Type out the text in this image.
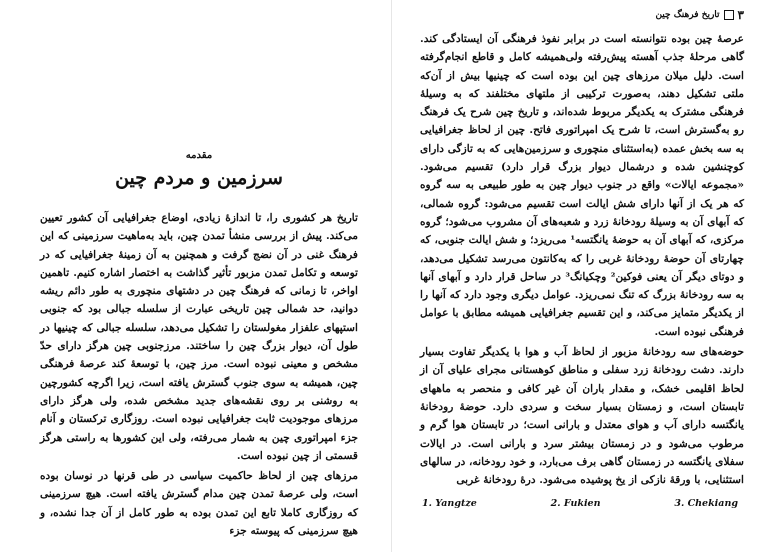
مقدمه
سرزمین و مردم چین

تاریخ هر کشوری را، تا اندازۀ زیادی، اوضاع جغرافیایی آن کشور تعیین می‌کند. پیش از بررسی منشأ تمدن چین، باید به‌ماهیت سرزمینی که این فرهنگ غنی در آن نضج گرفت و همچنین به آن زمینۀ جغرافیایی که در توسعه و تکامل تمدن مزبور تأثیر گذاشت به اختصار اشاره کنیم. تاهمین اواخر، تا زمانی که فرهنگ چین در دشتهای منچوری به طور دائم ریشه دوانید، حد شمالی چین تاریخی عبارت از سلسله جبالی بود که جنوبی استپهای علفزار مغولستان را تشکیل می‌دهد، سلسله جبالی که چینیها در طول آن، دیوار بزرگ چین را ساختند. مرزجنوبی چین هرگز دارای حدّ مشخص و معینی نبوده است. مرز چین، با توسعۀ کند عرصۀ فرهنگی چین، همیشه به سوی جنوب گسترش یافته است، زیرا اگرچه کشورچین به روشنی بر روی نقشه‌های جدید مشخص شده، ولی هرگز دارای مرزهای موجودیت ثابت جغرافیایی نبوده است. روزگاری ترکستان و آنام جزء امپراتوری چین به شمار می‌رفته، ولی این کشورها به راستی هرگز قسمتی از چین نبوده است.

مرزهای چین از لحاظ حاکمیت سیاسی در طی قرنها در نوسان بوده است، ولی عرصۀ تمدن چین مدام گسترش یافته است. هیچ سرزمینی که روزگاری کاملا تابع این تمدن بوده به طور کامل از آن جدا نشده، و هیچ سرزمینی که پیوسته جزء

۳
تاریخ فرهنگ چین

عرصۀ چین بوده نتوانسته است در برابر نفوذ فرهنگی آن ایستادگی کند. گاهی مرحلۀ جذب آهسته پیش‌رفته ولی‌همیشه کامل و قاطع انجام‌گرفته است. دلیل میلان مرزهای چین این بوده است که چینیها بیش از آن‌که ملتی تشکیل دهند، به‌صورت ترکیبی از ملتهای مختلفند که به وسیلۀ فرهنگی مشترک به یکدیگر مربوط شده‌اند، و تاریخ چین شرح یک فرهنگ رو به‌گسترش است، تا شرح یک امپراتوری فاتح. چین از لحاظ جغرافیایی به سه بخش عمده (به‌استثنای منچوری و سرزمین‌هایی که به تازگی دارای کوچنشین شده و درشمال دیوار بزرگ قرار دارد) تقسیم می‌شود. «مجموعه ایالات» واقع در جنوب دیوار چین به طور طبیعی به سه گروه که هر یک از آنها دارای شش ایالت است تقسیم می‌شود: گروه شمالی، که آبهای آن به وسیلۀ رودخانۀ زرد و شعبه‌های آن مشروب می‌شود؛ گروه مرکزی، که آبهای آن به حوضۀ یانگتسه¹ می‌ریزد؛ و شش ایالت جنوبی، که چهارتای آن حوضۀ رودخانۀ غربی را که به‌کانتون می‌رسد تشکیل می‌دهد، و دوتای دیگر آن یعنی فوکین² وچکیانگ³ در ساحل قرار دارد و آبهای آنها به سه رودخانۀ بزرگ که تنگ نمی‌ریزد. عوامل دیگری وجود دارد که آنها را از یکدیگر متمایز می‌کند، و این تقسیم جغرافیایی همیشه مطابق با عوامل فرهنگی نبوده است.

حوضه‌های سه رودخانۀ مزبور از لحاظ آب و هوا با یکدیگر تفاوت بسیار دارند. دشت رودخانۀ زرد سفلی و مناطق کوهستانی مجرای علیای آن از لحاظ اقلیمی خشک، و مقدار باران آن غیر کافی و منحصر به ماههای تابستان است، و زمستان بسیار سخت و سردی دارد. حوضۀ رودخانۀ یانگتسه دارای آب و هوای معتدل و بارانی است؛ در تابستان هوا گرم و مرطوب می‌شود و در زمستان بیشتر سرد و بارانی است. در ایالات سفلای یانگتسه در زمستان گاهی برف می‌بارد، و خود رودخانه، در سالهای استثنایی، با ورقۀ نازکی از یخ پوشیده می‌شود. درۀ رودخانۀ غربی

1. Yangtze	2. Fukien	3. Chekiang
